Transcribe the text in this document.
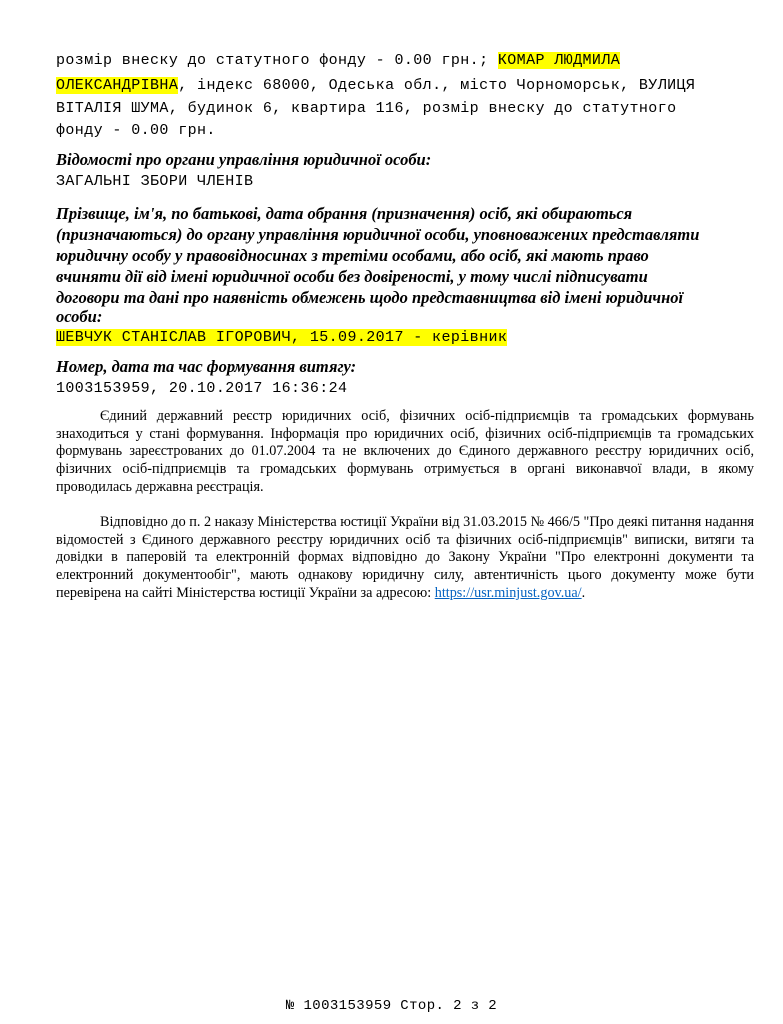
розмір внеску до статутного фонду - 0.00 грн.; КОМАР ЛЮДМИЛА
ОЛЕКСАНДРІВНА, індекс 68000, Одеська обл., місто Чорноморськ, ВУЛИЦЯ
ВІТАЛІЯ ШУМА, будинок 6, квартира 116, розмір внеску до статутного
фонду - 0.00 грн.
Відомості про органи управління юридичної особи:
ЗАГАЛЬНІ ЗБОРИ ЧЛЕНІВ
Прізвище, ім'я, по батькові, дата обрання (призначення) осіб, які обираються
(призначаються) до органу управління юридичної особи, уповноважених представляти
юридичну особу у правовідносинах з третіми особами, або осіб, які мають право
вчиняти дії від імені юридичної особи без довіреності, у тому числі підписувати
договори та дані про наявність обмежень щодо представництва від імені юридичної
особи:
ШЕВЧУК СТАНІСЛАВ ІГОРОВИЧ, 15.09.2017 - керівник
Номер, дата та час формування витягу:
1003153959, 20.10.2017 16:36:24
Єдиний державний реєстр юридичних осіб, фізичних осіб-підприємців та громадських формувань знаходиться у стані формування. Інформація про юридичних осіб, фізичних осіб-підприємців та громадських формувань зареєстрованих до 01.07.2004 та не включених до Єдиного державного реєстру юридичних осіб, фізичних осіб-підприємців та громадських формувань отримується в органі виконавчої влади, в якому проводилась державна реєстрація.
Відповідно до п. 2 наказу Міністерства юстиції України від 31.03.2015 № 466/5 "Про деякі питання надання відомостей з Єдиного державного реєстру юридичних осіб та фізичних осіб-підприємців" виписки, витяги та довідки в паперовій та електронній формах відповідно до Закону України "Про електронні документи та електронний документообіг", мають однакову юридичну силу, автентичність цього документу може бути перевірена на сайті Міністерства юстиції України за адресою: https://usr.minjust.gov.ua/.
№ 1003153959 Стор. 2 з 2
